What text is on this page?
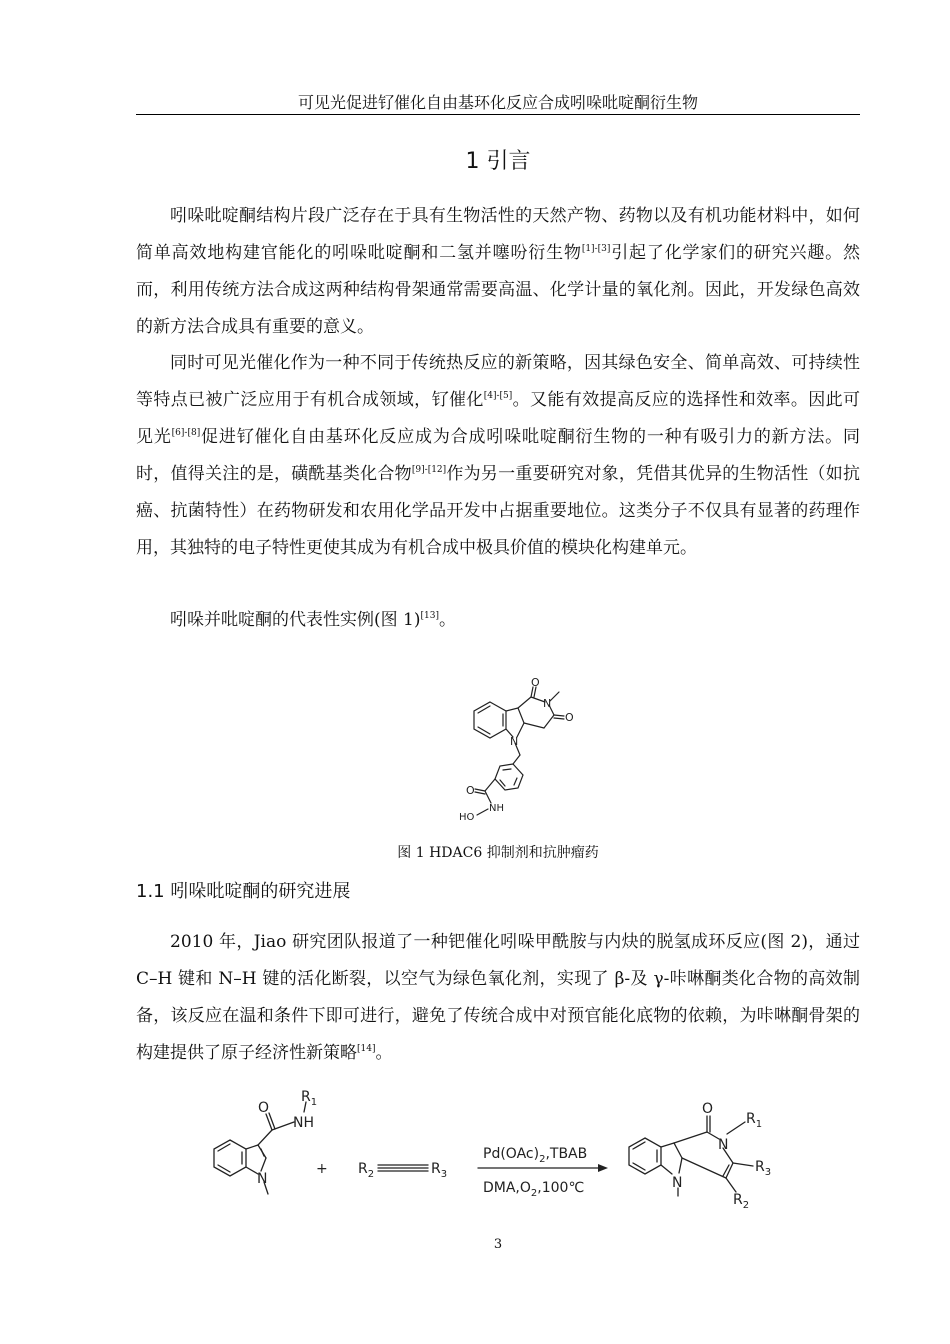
可见光促进钌催化自由基环化反应合成吲哚吡啶酮衍生物
1 引言

吲哚吡啶酮结构片段广泛存在于具有生物活性的天然产物、药物以及有机功能材料中，如何简单高效地构建官能化的吲哚吡啶酮和二氢并噻吩衍生物[1]-[3]引起了化学家们的研究兴趣。然而，利用传统方法合成这两种结构骨架通常需要高温、化学计量的氧化剂。因此，开发绿色高效的新方法合成具有重要的意义。

同时可见光催化作为一种不同于传统热反应的新策略，因其绿色安全、简单高效、可持续性等特点已被广泛应用于有机合成领域，钌催化[4]-[5]。又能有效提高反应的选择性和效率。因此可见光[6]-[8]促进钌催化自由基环化反应成为合成吲哚吡啶酮衍生物的一种有吸引力的新方法。同时，值得关注的是，磺酰基类化合物[9]-[12]作为另一重要研究对象，凭借其优异的生物活性（如抗癌、抗菌特性）在药物研发和农用化学品开发中占据重要地位。这类分子不仅具有显著的药理作用，其独特的电子特性更使其成为有机合成中极具价值的模块化构建单元。

吲哚并吡啶酮的代表性实例(图 1)[13]。

O
N
O
N
O
NH
HO
图 1 HDAC6 抑制剂和抗肿瘤药
1.1 吲哚吡啶酮的研究进展

2010 年，Jiao 研究团队报道了一种钯催化吲哚甲酰胺与内炔的脱氢成环反应(图 2)，通过 C–H 键和 N–H 键的活化断裂，以空气为绿色氧化剂，实现了 β-及 γ-咔啉酮类化合物的高效制备，该反应在温和条件下即可进行，避免了传统合成中对预官能化底物的依赖，为咔啉酮骨架的构建提供了原子经济性新策略[14]。

O
NH
$R_1$
N
+ $R_2$	$R_3$
$Pd(OAc)_2,TBAB$
$DMA,O_2,100℃$
O
N
$R_1$
$R_3$
N
$R_2$
3
